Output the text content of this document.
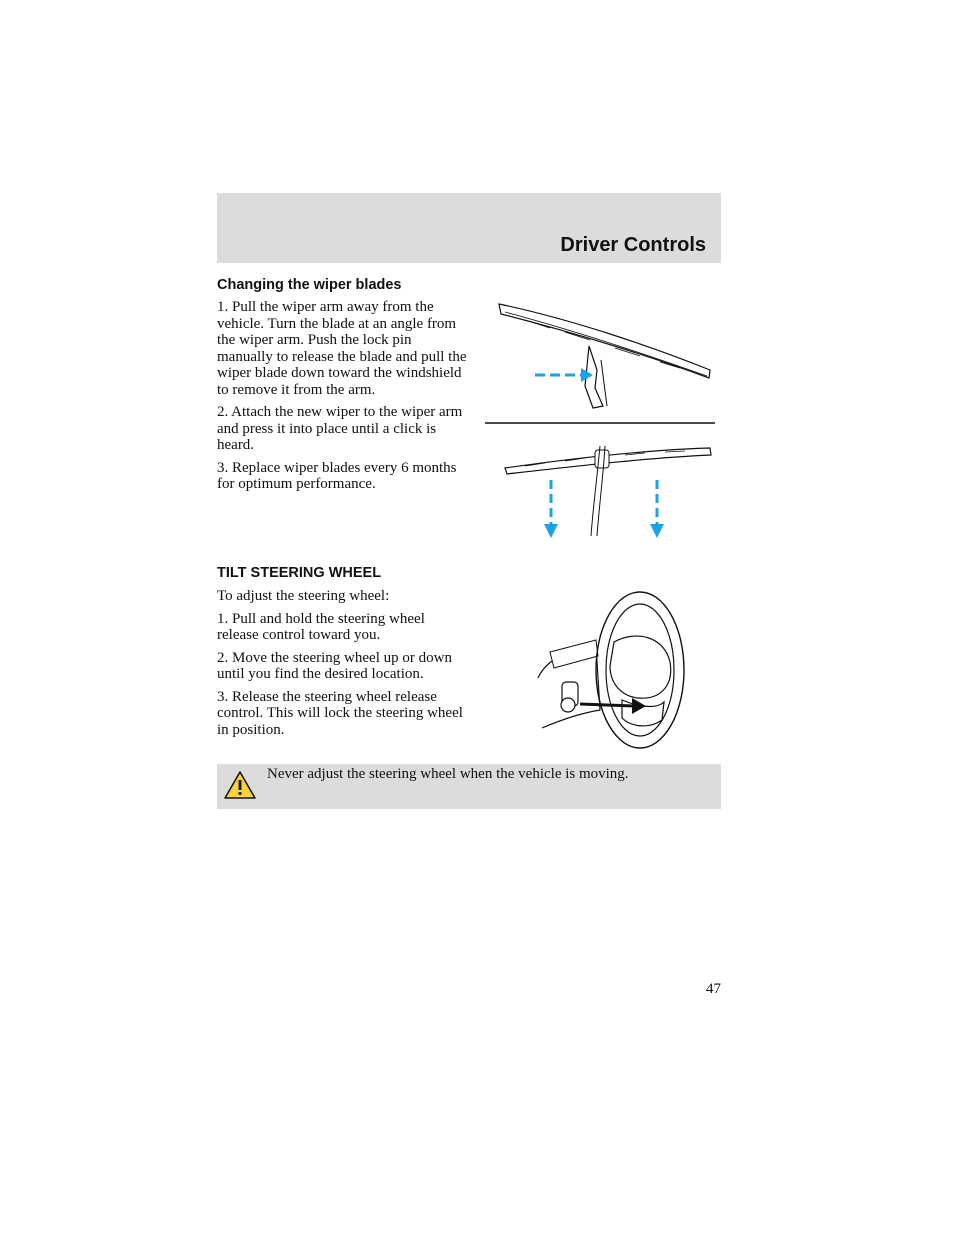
Driver Controls
Changing the wiper blades

1. Pull the wiper arm away from the vehicle. Turn the blade at an angle from the wiper arm. Push the lock pin manually to release the blade and pull the wiper blade down toward the windshield to remove it from the arm.

2. Attach the new wiper to the wiper arm and press it into place until a click is heard.

3. Replace wiper blades every 6 months for optimum performance.

TILT STEERING WHEEL

To adjust the steering wheel:

1. Pull and hold the steering wheel release control toward you.

2. Move the steering wheel up or down until you find the desired location.

3. Release the steering wheel release control. This will lock the steering wheel in position.

Never adjust the steering wheel when the vehicle is moving.
47
